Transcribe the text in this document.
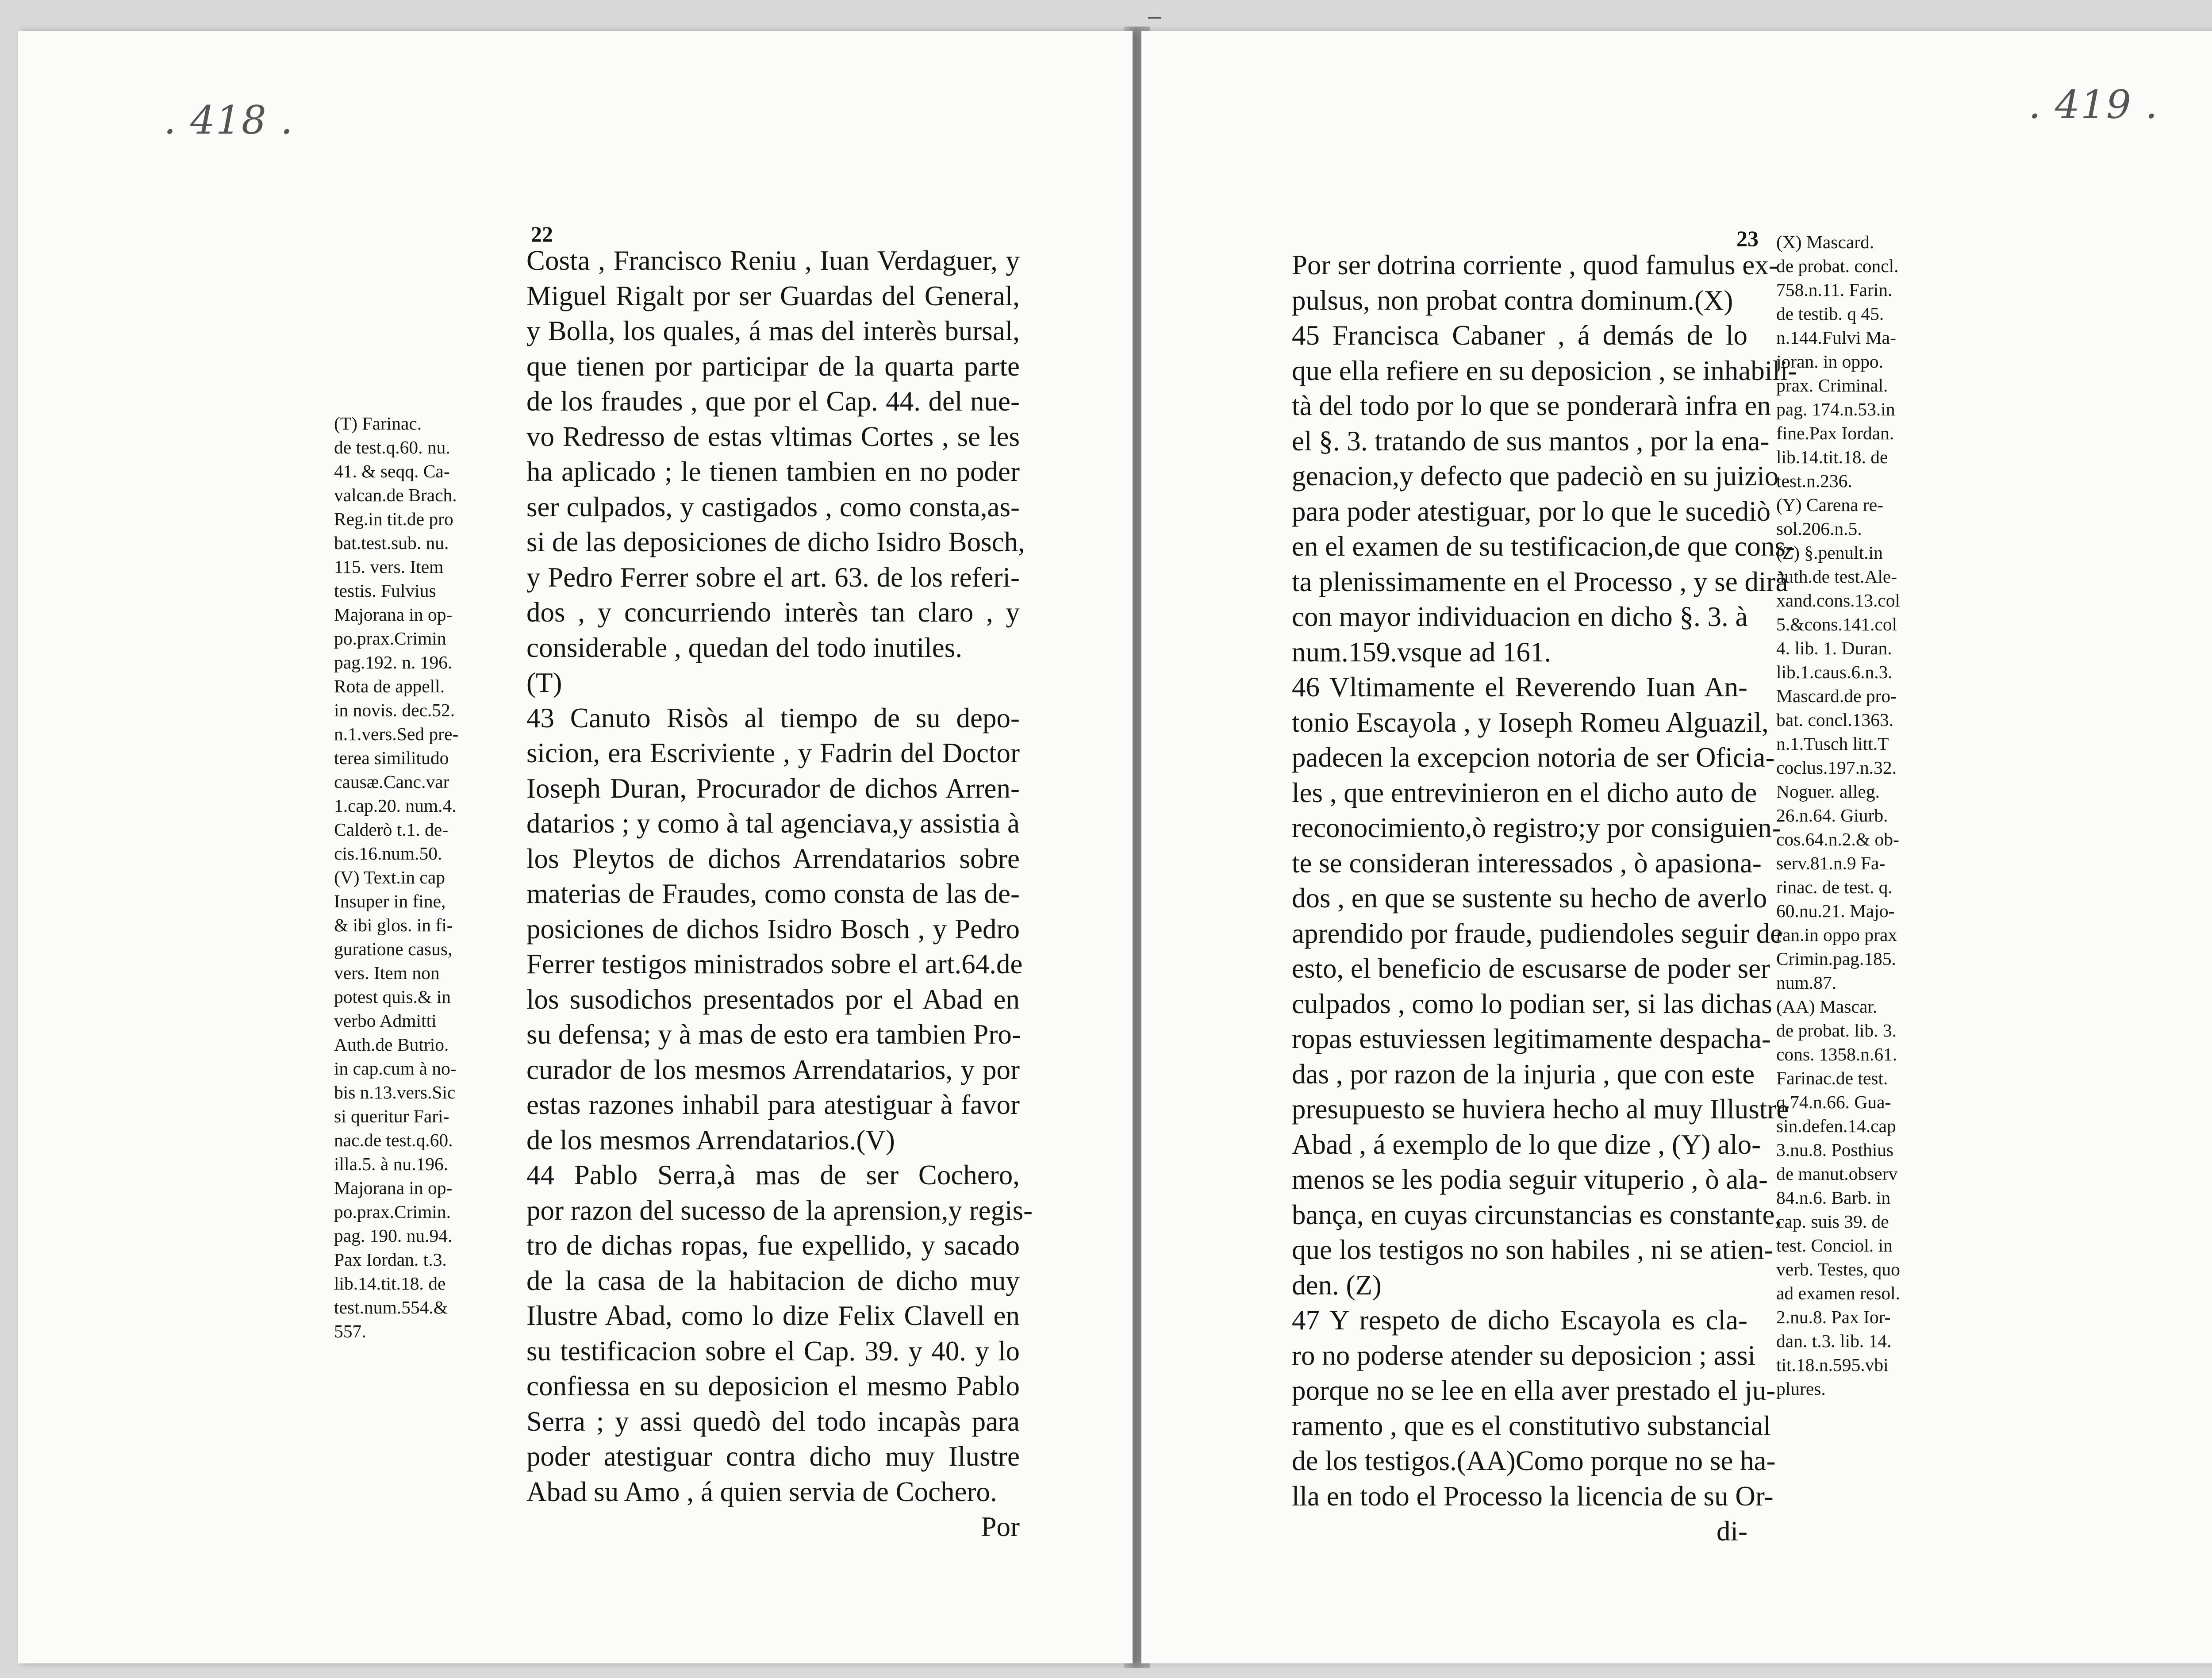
. 418 .
22
(T) Farinac.
de test.q.60. nu.
41. & seqq. Ca-
valcan.de Brach.
Reg.in tit.de pro
bat.test.sub. nu.
115. vers. Item
testis. Fulvius
Majorana in op-
po.prax.Crimin
pag.192. n. 196.
Rota de appell.
in novis. dec.52.
n.1.vers.Sed pre-
terea similitudo
causæ.Canc.var
1.cap.20. num.4.
Calderò t.1. de-
cis.16.num.50.
(V) Text.in cap
Insuper in fine,
& ibi glos. in fi-
guratione casus,
vers. Item non
potest quis.& in
verbo Admitti
Auth.de Butrio.
in cap.cum à no-
bis n.13.vers.Sic
si queritur Fari-
nac.de test.q.60.
illa.5. à nu.196.
Majorana in op-
po.prax.Crimin.
pag. 190. nu.94.
Pax Iordan. t.3.
lib.14.tit.18. de
test.num.554.&
557.
Costa , Francisco Reniu , Iuan Verdaguer, y
Miguel Rigalt por ser Guardas del General,
y Bolla, los quales, á mas del interès bursal,
que tienen por participar de la quarta parte
de los fraudes , que por el Cap. 44. del nue-
vo Redresso de estas vltimas Cortes , se les
ha aplicado ; le tienen tambien en no poder
ser culpados, y castigados , como consta,as-
si de las deposiciones de dicho Isidro Bosch,
y Pedro Ferrer sobre el art. 63. de los referi-
dos , y concurriendo interès tan claro , y
considerable , quedan del todo inutiles.
(T)
43 Canuto Risòs al tiempo de su depo-
sicion, era Escriviente , y Fadrin del Doctor
Ioseph Duran, Procurador de dichos Arren-
datarios ; y como à tal agenciava,y assistia à
los Pleytos de dichos Arrendatarios sobre
materias de Fraudes, como consta de las de-
posiciones de dichos Isidro Bosch , y Pedro
Ferrer testigos ministrados sobre el art.64.de
los susodichos presentados por el Abad en
su defensa; y à mas de esto era tambien Pro-
curador de los mesmos Arrendatarios, y por
estas razones inhabil para atestiguar à favor
de los mesmos Arrendatarios.(V)
44 Pablo Serra,à mas de ser Cochero,
por razon del sucesso de la aprension,y regis-
tro de dichas ropas, fue expellido, y sacado
de la casa de la habitacion de dicho muy
Ilustre Abad, como lo dize Felix Clavell en
su testificacion sobre el Cap. 39. y 40. y lo
confiessa en su deposicion el mesmo Pablo
Serra ; y assi quedò del todo incapàs para
poder atestiguar contra dicho muy Ilustre
Abad su Amo , á quien servia de Cochero.
Por
. 419 .
23
Por ser dotrina corriente , quod famulus ex-
pulsus, non probat contra dominum.(X)
45 Francisca Cabaner , á demás de lo
que ella refiere en su deposicion , se inhabili-
tà del todo por lo que se ponderarà infra en
el §. 3. tratando de sus mantos , por la ena-
genacion,y defecto que padeciò en su juizio
para poder atestiguar, por lo que le sucediò
en el examen de su testificacion,de que cons-
ta plenissimamente en el Processo , y se dirà
con mayor individuacion en dicho §. 3. à
num.159.vsque ad 161.
46 Vltimamente el Reverendo Iuan An-
tonio Escayola , y Ioseph Romeu Alguazil,
padecen la excepcion notoria de ser Oficia-
les , que entrevinieron en el dicho auto de
reconocimiento,ò registro;y por consiguien-
te se consideran interessados , ò apasiona-
dos , en que se sustente su hecho de averlo
aprendido por fraude, pudiendoles seguir de
esto, el beneficio de escusarse de poder ser
culpados , como lo podian ser, si las dichas
ropas estuviessen legitimamente despacha-
das , por razon de la injuria , que con este
presupuesto se huviera hecho al muy Illustre
Abad , á exemplo de lo que dize , (Y) alo-
menos se les podia seguir vituperio , ò ala-
bança, en cuyas circunstancias es constante,
que los testigos no son habiles , ni se atien-
den. (Z)
47 Y respeto de dicho Escayola es cla-
ro no poderse atender su deposicion ; assi
porque no se lee en ella aver prestado el ju-
ramento , que es el constitutivo substancial
de los testigos.(AA)Como porque no se ha-
lla en todo el Processo la licencia de su Or-
di-
(X) Mascard.
de probat. concl.
758.n.11. Farin.
de testib. q 45.
n.144.Fulvi Ma-
joran. in oppo.
prax. Criminal.
pag. 174.n.53.in
fine.Pax Iordan.
lib.14.tit.18. de
test.n.236.
(Y) Carena re-
sol.206.n.5.
(Z) §.penult.in
auth.de test.Ale-
xand.cons.13.col
5.&cons.141.col
4. lib. 1. Duran.
lib.1.caus.6.n.3.
Mascard.de pro-
bat. concl.1363.
n.1.Tusch litt.T
coclus.197.n.32.
Noguer. alleg.
26.n.64. Giurb.
cos.64.n.2.& ob-
serv.81.n.9 Fa-
rinac. de test. q.
60.nu.21. Majo-
ran.in oppo prax
Crimin.pag.185.
num.87.
(AA) Mascar.
de probat. lib. 3.
cons. 1358.n.61.
Farinac.de test.
q.74.n.66. Gua-
sin.defen.14.cap
3.nu.8. Posthius
de manut.observ
84.n.6. Barb. in
cap. suis 39. de
test. Conciol. in
verb. Testes, quo
ad examen resol.
2.nu.8. Pax Ior-
dan. t.3. lib. 14.
tit.18.n.595.vbi
plures.
